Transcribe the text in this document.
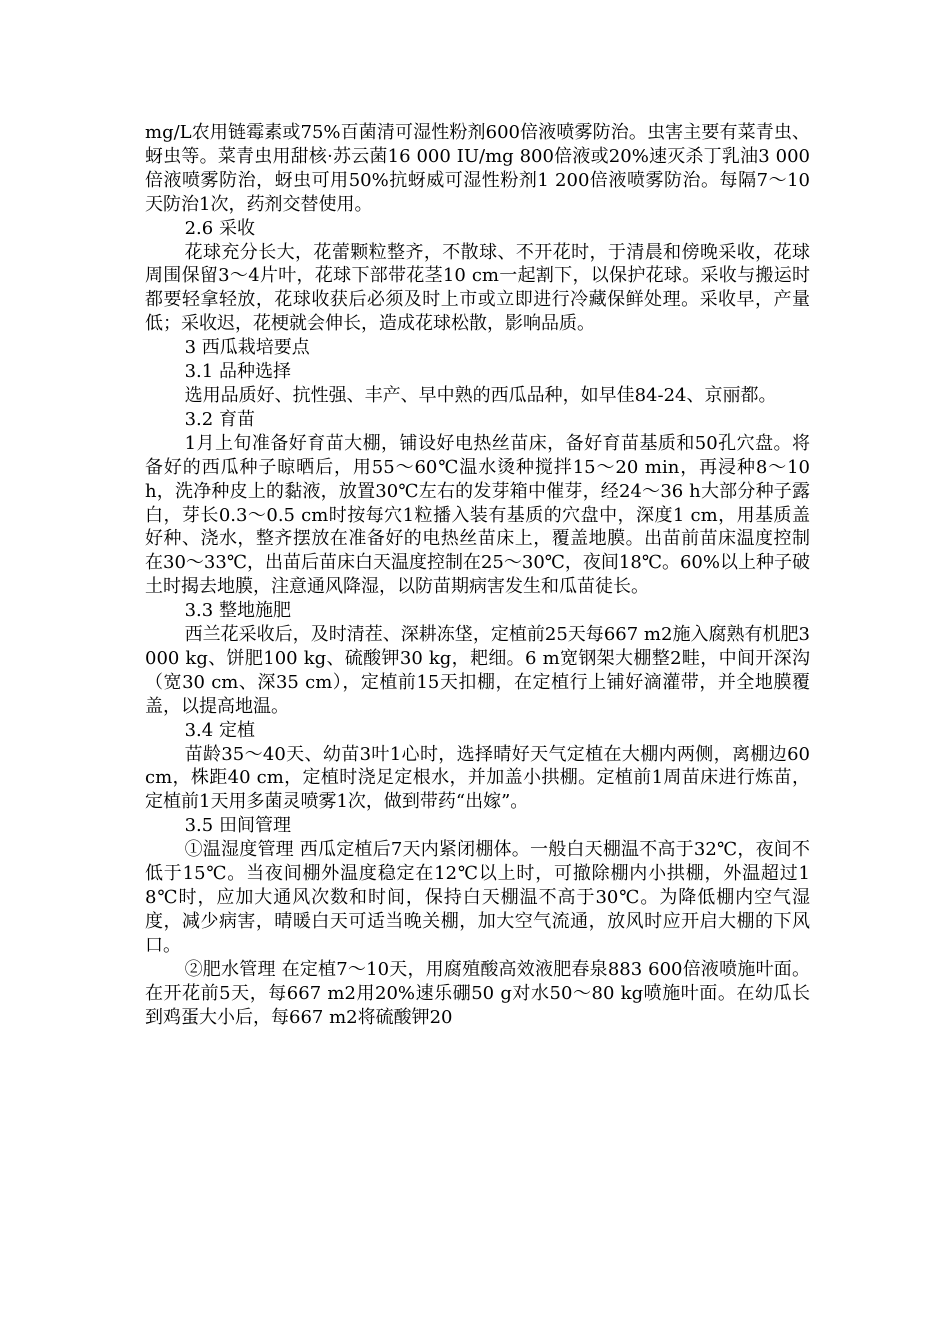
mg/L农用链霉素或75%百菌清可湿性粉剂600倍液喷雾防治。虫害主要有菜青虫、蚜虫等。菜青虫用甜核·苏云菌16 000 IU/mg 800倍液或20%速灭杀丁乳油3 000倍液喷雾防治，蚜虫可用50%抗蚜威可湿性粉剂1 200倍液喷雾防治。每隔7～10天防治1次，药剂交替使用。

2.6 采收

花球充分长大，花蕾颗粒整齐，不散球、不开花时，于清晨和傍晚采收，花球周围保留3～4片叶，花球下部带花茎10 cm一起割下，以保护花球。采收与搬运时都要轻拿轻放，花球收获后必须及时上市或立即进行冷藏保鲜处理。采收早，产量低；采收迟，花梗就会伸长，造成花球松散，影响品质。

3 西瓜栽培要点

3.1 品种选择

选用品质好、抗性强、丰产、早中熟的西瓜品种，如早佳84-24、京丽都。

3.2 育苗

1月上旬准备好育苗大棚，铺设好电热丝苗床，备好育苗基质和50孔穴盘。将备好的西瓜种子晾晒后，用55～60℃温水烫种搅拌15～20 min，再浸种8～10 h，洗净种皮上的黏液，放置30℃左右的发芽箱中催芽，经24～36 h大部分种子露白，芽长0.3～0.5 cm时按每穴1粒播入装有基质的穴盘中，深度1 cm，用基质盖好种、浇水，整齐摆放在准备好的电热丝苗床上，覆盖地膜。出苗前苗床温度控制在30～33℃，出苗后苗床白天温度控制在25～30℃，夜间18℃。60%以上种子破土时揭去地膜，注意通风降湿，以防苗期病害发生和瓜苗徒长。

3.3 整地施肥

西兰花采收后，及时清茬、深耕冻垡，定植前25天每667 m2施入腐熟有机肥3 000 kg、饼肥100 kg、硫酸钾30 kg，耙细。6 m宽钢架大棚整2畦，中间开深沟（宽30 cm、深35 cm），定植前15天扣棚，在定植行上铺好滴灌带，并全地膜覆盖，以提高地温。

3.4 定植

苗龄35～40天、幼苗3叶1心时，选择晴好天气定植在大棚内两侧，离棚边60 cm，株距40 cm，定植时浇足定根水，并加盖小拱棚。定植前1周苗床进行炼苗，定植前1天用多菌灵喷雾1次，做到带药“出嫁”。

3.5 田间管理

①温湿度管理 西瓜定植后7天内紧闭棚体。一般白天棚温不高于32℃，夜间不低于15℃。当夜间棚外温度稳定在12℃以上时，可撤除棚内小拱棚，外温超过18℃时，应加大通风次数和时间，保持白天棚温不高于30℃。为降低棚内空气湿度，减少病害，晴暖白天可适当晚关棚，加大空气流通，放风时应开启大棚的下风口。

②肥水管理 在定植7～10天，用腐殖酸高效液肥春泉883 600倍液喷施叶面。在开花前5天，每667 m2用20%速乐硼50 g对水50～80 kg喷施叶面。在幼瓜长到鸡蛋大小后，每667 m2将硫酸钾20
